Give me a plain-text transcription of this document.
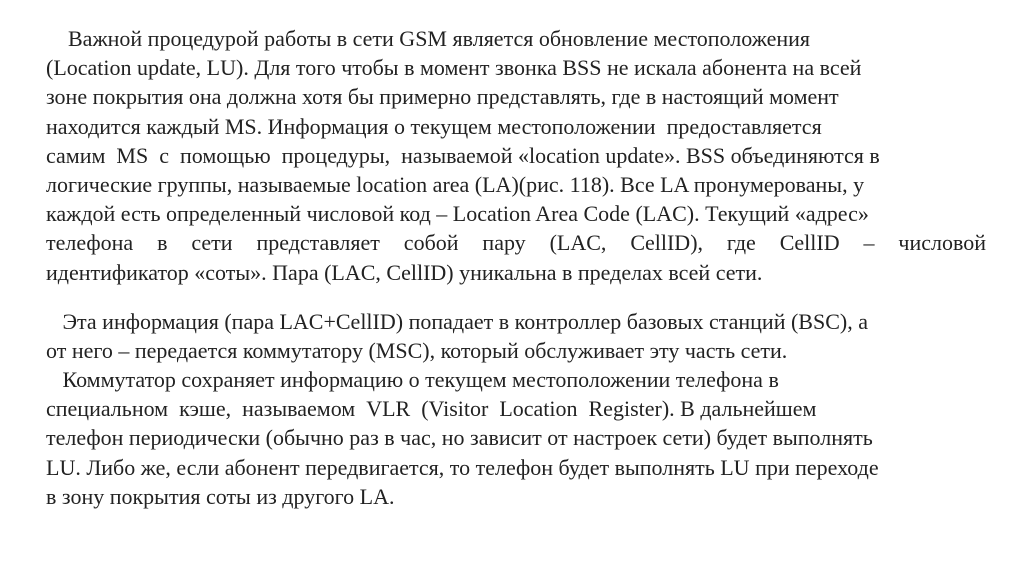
Важной процедурой работы в сети GSM является обновление местоположения
(Location update, LU). Для того чтобы в момент звонка BSS не искала абонента на всей
зоне покрытия она должна хотя бы примерно представлять, где в настоящий момент
находится каждый MS. Информация о текущем местоположении  предоставляется
самим  MS  с  помощью  процедуры,  называемой «location update». BSS объединяются в
логические группы, называемые location area (LA)(рис. 118). Все LA пронумерованы, у
каждой есть определенный числовой код – Location Area Code (LAC). Текущий «адрес»
телефона в сети представляет собой пару (LAC, CellID), где CellID – числовой
идентификатор «соты». Пара (LAC, CellID) уникальна в пределах всей сети.
Эта информация (пара LAC+CellID) попадает в контроллер базовых станций (BSC), а
от него – передается коммутатору (MSC), который обслуживает эту часть сети.
Коммутатор сохраняет информацию о текущем местоположении телефона в
специальном  кэше,  называемом  VLR  (Visitor  Location  Register). В дальнейшем
телефон периодически (обычно раз в час, но зависит от настроек сети) будет выполнять
LU. Либо же, если абонент передвигается, то телефон будет выполнять LU при переходе
в зону покрытия соты из другого LA.
